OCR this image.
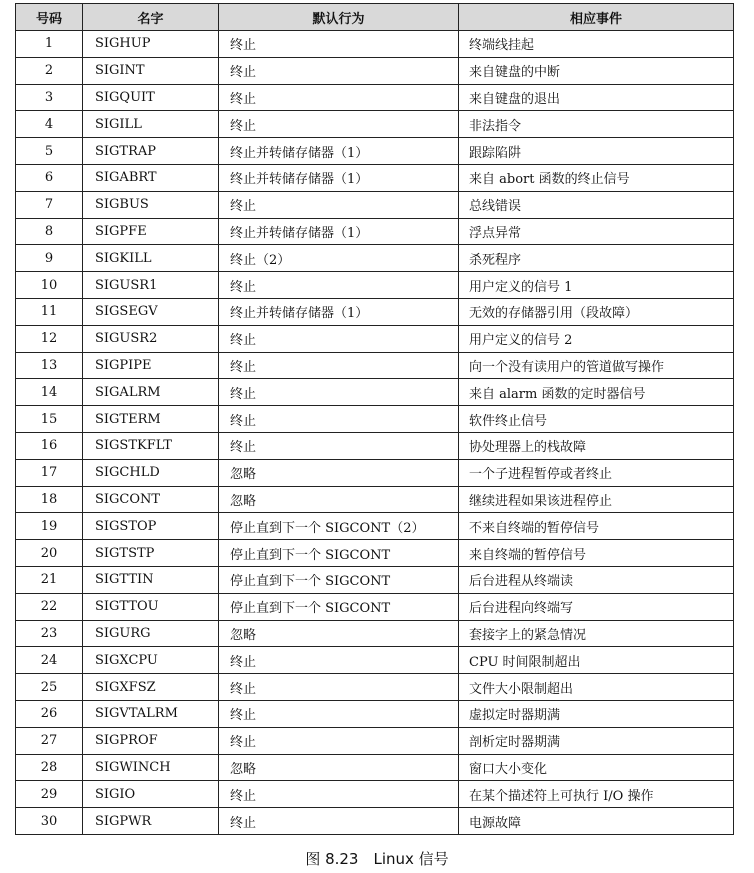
号码	名字	默认行为	相应事件
1	SIGHUP	终止	终端线挂起
2	SIGINT	终止	来自键盘的中断
3	SIGQUIT	终止	来自键盘的退出
4	SIGILL	终止	非法指令
5	SIGTRAP	终止并转储存储器（1）	跟踪陷阱
6	SIGABRT	终止并转储存储器（1）	来自 abort 函数的终止信号
7	SIGBUS	终止	总线错误
8	SIGPFE	终止并转储存储器（1）	浮点异常
9	SIGKILL	终止（2）	杀死程序
10	SIGUSR1	终止	用户定义的信号 1
11	SIGSEGV	终止并转储存储器（1）	无效的存储器引用（段故障）
12	SIGUSR2	终止	用户定义的信号 2
13	SIGPIPE	终止	向一个没有读用户的管道做写操作
14	SIGALRM	终止	来自 alarm 函数的定时器信号
15	SIGTERM	终止	软件终止信号
16	SIGSTKFLT	终止	协处理器上的栈故障
17	SIGCHLD	忽略	一个子进程暂停或者终止
18	SIGCONT	忽略	继续进程如果该进程停止
19	SIGSTOP	停止直到下一个 SIGCONT（2）	不来自终端的暂停信号
20	SIGTSTP	停止直到下一个 SIGCONT	来自终端的暂停信号
21	SIGTTIN	停止直到下一个 SIGCONT	后台进程从终端读
22	SIGTTOU	停止直到下一个 SIGCONT	后台进程向终端写
23	SIGURG	忽略	套接字上的紧急情况
24	SIGXCPU	终止	CPU 时间限制超出
25	SIGXFSZ	终止	文件大小限制超出
26	SIGVTALRM	终止	虚拟定时器期满
27	SIGPROF	终止	剖析定时器期满
28	SIGWINCH	忽略	窗口大小变化
29	SIGIO	终止	在某个描述符上可执行 I/O 操作
30	SIGPWR	终止	电源故障
图 8.23　Linux 信号
